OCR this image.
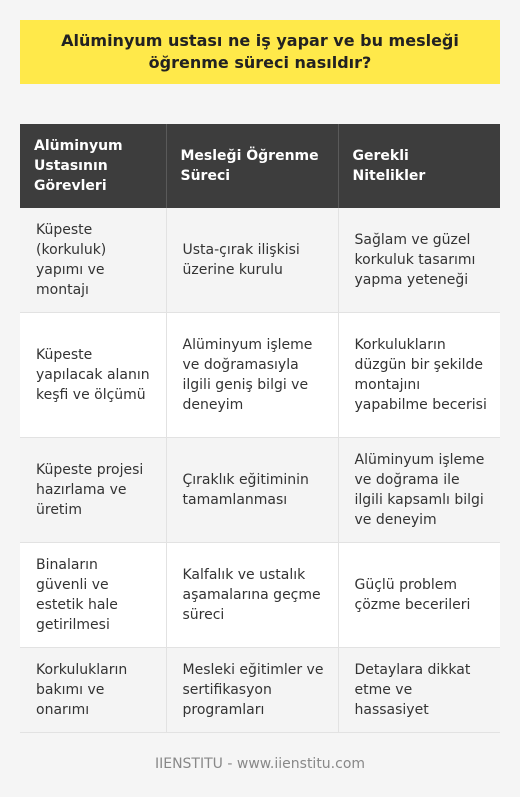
Alüminyum ustası ne iş yapar ve bu mesleği öğrenme süreci nasıldır?
Alüminyum Ustasının Görevleri	Mesleği Öğrenme Süreci	Gerekli Nitelikler
Küpeste (korkuluk) yapımı ve montajı	Usta-çırak ilişkisi üzerine kurulu	Sağlam ve güzel korkuluk tasarımı yapma yeteneği
Küpeste yapılacak alanın keşfi ve ölçümü	Alüminyum işleme ve doğramasıyla ilgili geniş bilgi ve deneyim	Korkulukların düzgün bir şekilde montajını yapabilme becerisi
Küpeste projesi hazırlama ve üretim	Çıraklık eğitiminin tamamlanması	Alüminyum işleme ve doğrama ile ilgili kapsamlı bilgi ve deneyim
Binaların güvenli ve estetik hale getirilmesi	Kalfalık ve ustalık aşamalarına geçme süreci	Güçlü problem çözme becerileri
Korkulukların bakımı ve onarımı	Mesleki eğitimler ve sertifikasyon programları	Detaylara dikkat etme ve hassasiyet
IIENSTITU - www.iienstitu.com
